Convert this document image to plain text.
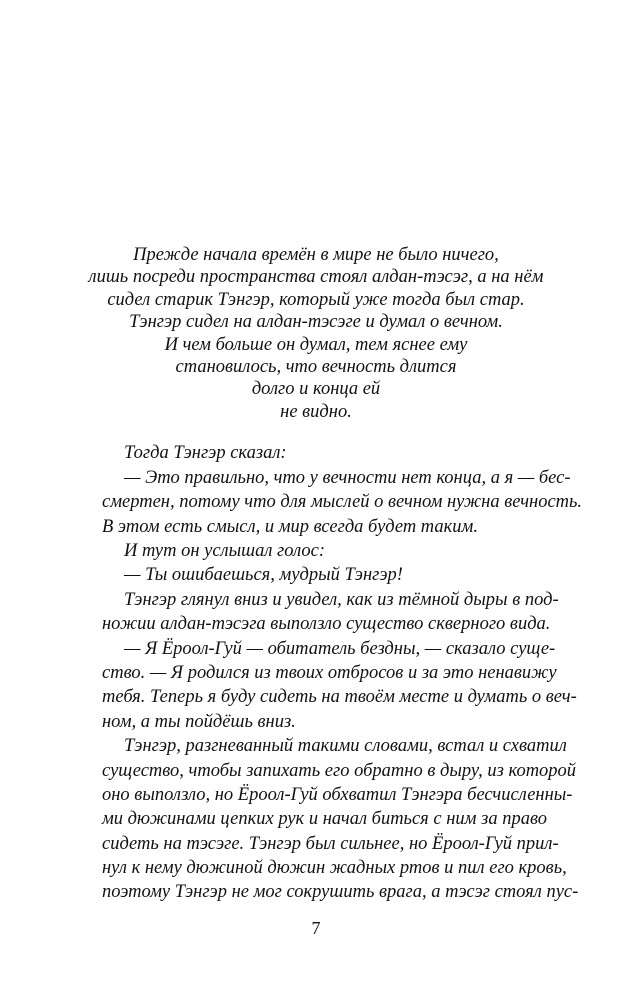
Прежде начала времён в мире не было ничего,
лишь посреди пространства стоял алдан-тэсэг, а на нём
сидел старик Тэнгэр, который уже тогда был стар.
Тэнгэр сидел на алдан-тэсэге и думал о вечном.
И чем больше он думал, тем яснее ему
становилось, что вечность длится
долго и конца ей
не видно.
Тогда Тэнгэр сказал:
— Это правильно, что у вечности нет конца, а я — бес-
смертен, потому что для мыслей о вечном нужна вечность.
В этом есть смысл, и мир всегда будет таким.
И тут он услышал голос:
— Ты ошибаешься, мудрый Тэнгэр!
Тэнгэр глянул вниз и увидел, как из тёмной дыры в под-
ножии алдан-тэсэга выползло существо скверного вида.
— Я Ёроол-Гуй — обитатель бездны, — сказало суще-
ство. — Я родился из твоих отбросов и за это ненавижу
тебя. Теперь я буду сидеть на твоём месте и думать о веч-
ном, а ты пойдёшь вниз.
Тэнгэр, разгневанный такими словами, встал и схватил
существо, чтобы запихать его обратно в дыру, из которой
оно выползло, но Ёроол-Гуй обхватил Тэнгэра бесчисленны-
ми дюжинами цепких рук и начал биться с ним за право
сидеть на тэсэге. Тэнгэр был сильнее, но Ёроол-Гуй прил-
нул к нему дюжиной дюжин жадных ртов и пил его кровь,
поэтому Тэнгэр не мог сокрушить врага, а тэсэг стоял пус-
7
